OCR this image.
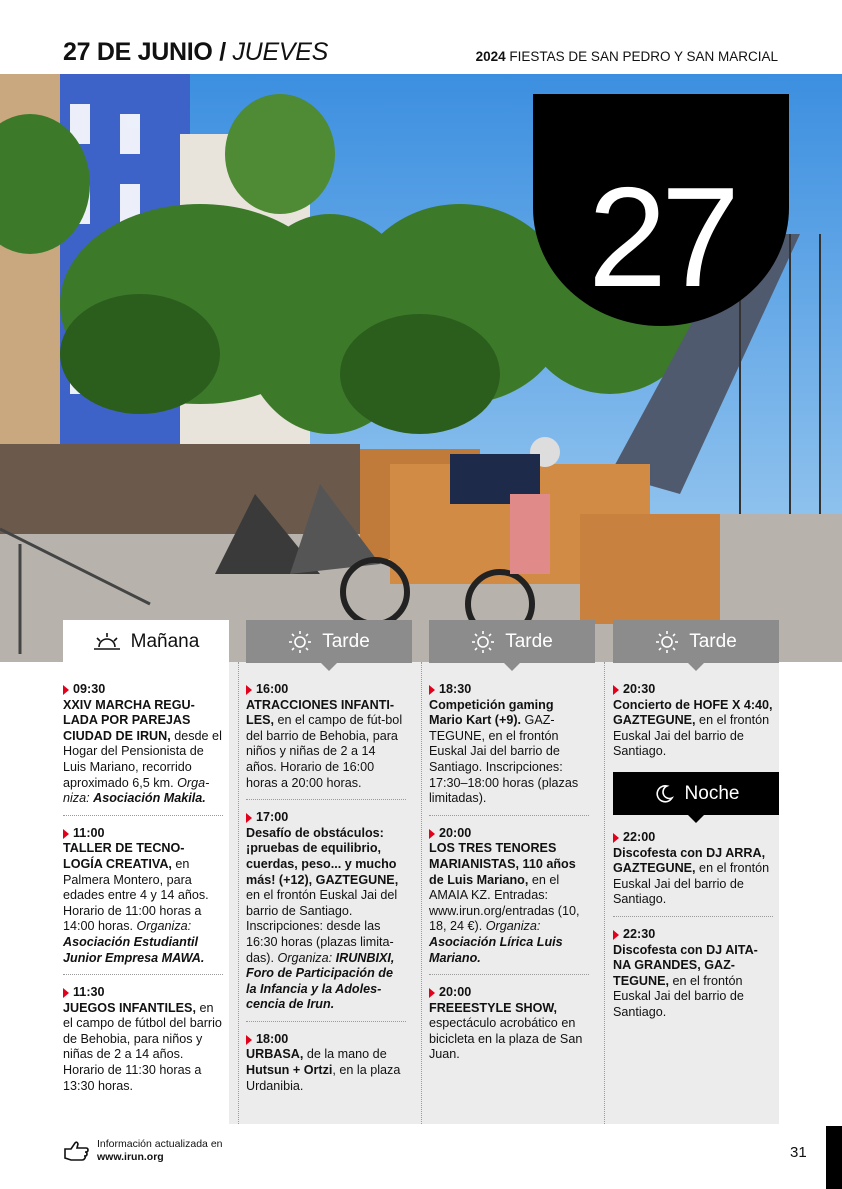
27 DE JUNIO / JUEVES	2024 FIESTAS DE SAN PEDRO Y SAN MARCIAL
27
Mañana	Tarde	Tarde	Tarde
Noche
09:30
XXIV MARCHA REGU-LADA POR PAREJAS CIUDAD DE IRUN, desde el Hogar del Pensionista de Luis Mariano, recorrido aproximado 6,5 km. Orga-niza: Asociación Makila.
11:00
TALLER DE TECNO-LOGÍA CREATIVA, en Palmera Montero, para edades entre 4 y 14 años. Horario de 11:00 horas a 14:00 horas. Organiza: Asociación Estudiantil Junior Empresa MAWA.
11:30
JUEGOS INFANTILES, en el campo de fútbol del barrio de Behobia, para niños y niñas de 2 a 14 años. Horario de 11:30 horas a 13:30 horas.
16:00
ATRACCIONES INFANTI-LES, en el campo de fút-bol del barrio de Behobia, para niños y niñas de 2 a 14 años. Horario de 16:00 horas a 20:00 horas.
17:00
Desafío de obstáculos: ¡pruebas de equilibrio, cuerdas, peso... y mucho más! (+12), GAZTEGUNE, en el frontón Euskal Jai del barrio de Santiago. Inscripciones: desde las 16:30 horas (plazas limita-das). Organiza: IRUNBIXI, Foro de Participación de la Infancia y la Adoles-cencia de Irun.
18:00
URBASA, de la mano de Hutsun + Ortzi, en la plaza Urdanibia.
18:30
Competición gaming Mario Kart (+9). GAZ-TEGUNE, en el frontón Euskal Jai del barrio de Santiago. Inscripciones: 17:30–18:00 horas (plazas limitadas).
20:00
LOS TRES TENORES MARIANISTAS, 110 años de Luis Mariano, en el AMAIA KZ. Entradas: www.irun.org/entradas (10, 18, 24 €). Organiza: Asociación Lírica Luis Mariano.
20:00
FREEESTYLE SHOW, espectáculo acrobático en bicicleta en la plaza de San Juan.
20:30
Concierto de HOFE X 4:40, GAZTEGUNE, en el frontón Euskal Jai del barrio de Santiago.
22:00
Discofesta con DJ ARRA, GAZTEGUNE, en el frontón Euskal Jai del barrio de Santiago.
22:30
Discofesta con DJ AITA-NA GRANDES, GAZ-TEGUNE, en el frontón Euskal Jai del barrio de Santiago.
Información actualizada en
www.irun.org	31
